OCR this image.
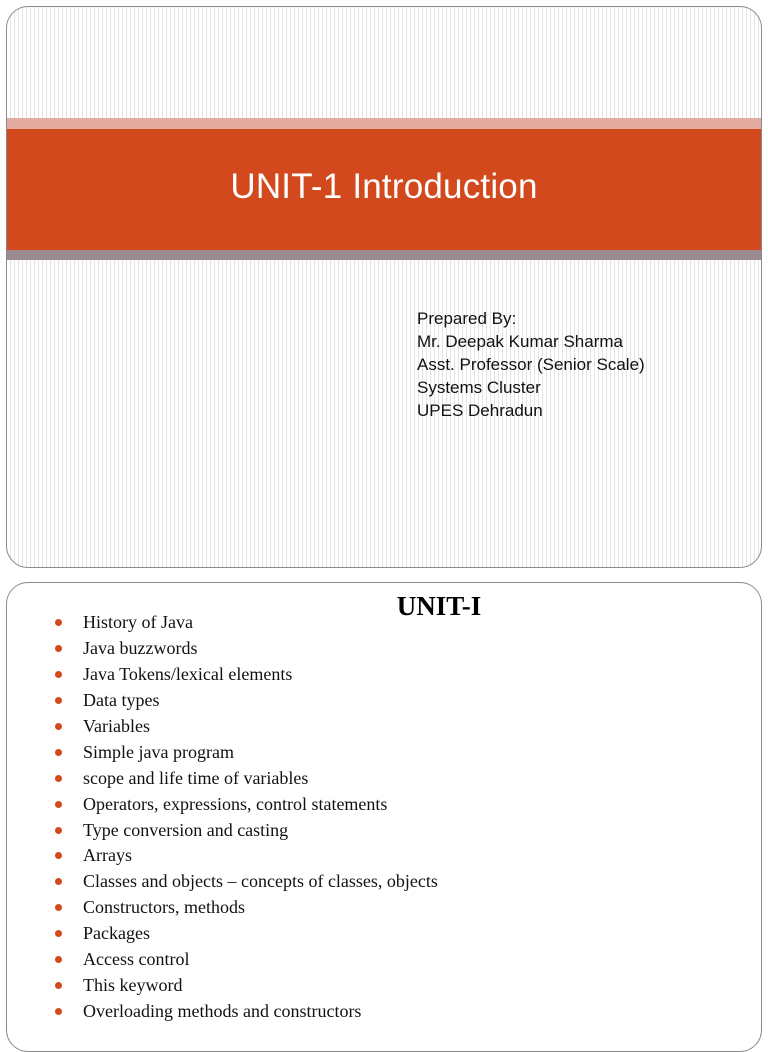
UNIT-1 Introduction
Prepared By:
Mr. Deepak Kumar Sharma
Asst. Professor (Senior Scale)
Systems Cluster
UPES Dehradun
UNIT-I
History of Java
Java buzzwords
Java Tokens/lexical elements
Data types
Variables
Simple java program
scope and life time of variables
Operators, expressions, control statements
Type conversion and casting
Arrays
Classes and objects – concepts of classes, objects
Constructors, methods
Packages
Access control
This keyword
Overloading methods and constructors
